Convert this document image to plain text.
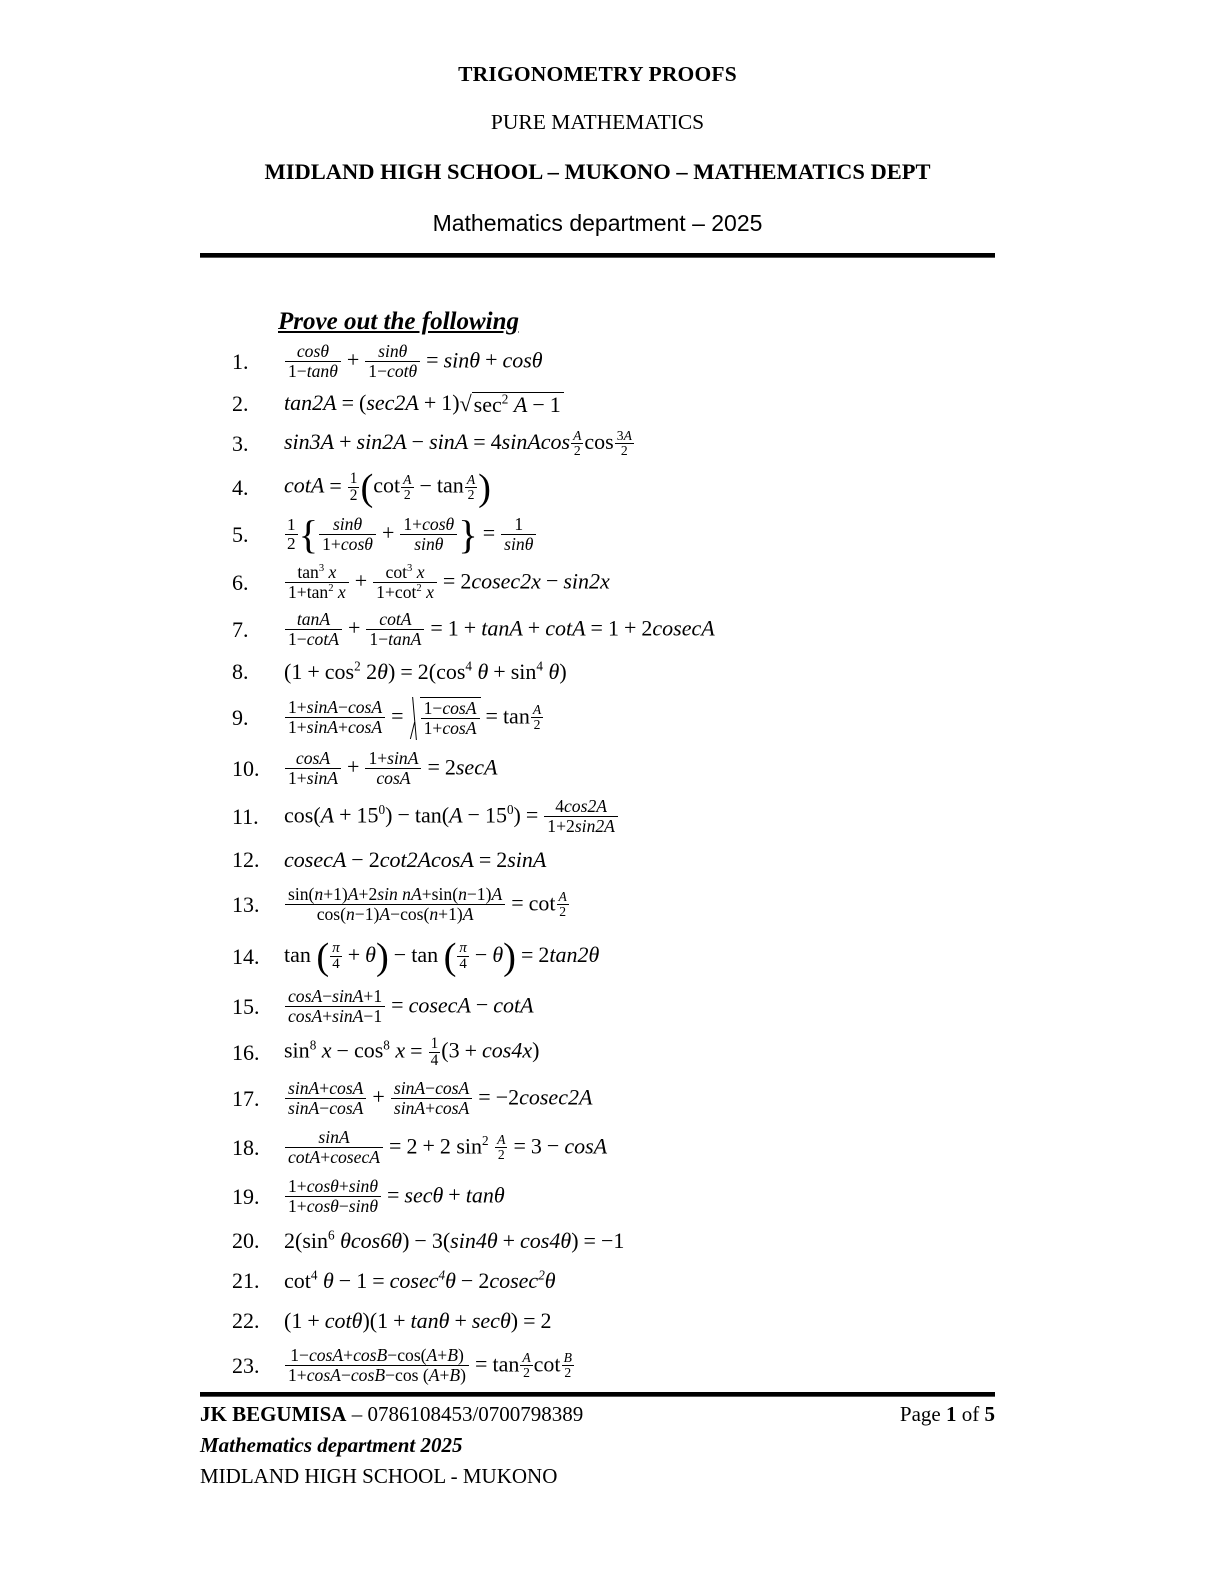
TRIGONOMETRY PROOFS
PURE MATHEMATICS
MIDLAND HIGH SCHOOL – MUKONO – MATHEMATICS DEPT
Mathematics department – 2025
Prove out the following
1.	$\frac{\cos\theta}{1-\tan\theta} + \frac{\sin\theta}{1-\cot\theta} = \sin\theta + \cos\theta$
2.	tan2A = (sec2A + 1) √ $\sec^2 A - 1$
3.	sin3A + sin2A − sinA = 4sinAcos $\frac{A}{2}$ $\cos \frac{3A}{2}$
4.	$\cot A = \frac{1}{2} (\cot \frac{A}{2} - \tan \frac{A}{2}$ )
5.	$\frac{1}{2}$ { $\frac{\sin\theta}{1+\cos\theta} + \frac{1+\cos\theta}{\sin\theta}$ } = $\frac{1}{\sin\theta}$
6.	$\frac{\tan^3 x}{1+\tan^2 x} + \frac{\cot^3 x}{1+\cot^2 x} = 2cosec2x - \sin 2x$
7.	$\frac{\tan A}{1-\cot A} + \frac{\cot A}{1-\tan A} = 1 + \tan A + \cot A = 1 + 2cosecA$
8.	$(1 + \cos^2 2\theta) = 2(\cos^4$ $\theta + \sin^4 \theta$)
9.	$\frac{1+\sin A-\cos A}{1+\sin A+\cos A} = \frac{1-\cos A}{1+\cos A} = \tan \frac{A}{2}$
10.	$\frac{\cos A}{1+\sin A} + \frac{1+\sin A}{\cos A} = 2\sec A$
11.	$\cos(A + 15^0) - \tan(A - 15^0) = \frac{4\cos 2A}{1+2\sin 2A}$
12.	cosecA − 2cot2AcosA = 2sinA
13.	$\frac{\text{sin(n+1)A+2sin nA+sin(n−1)A}}{\cos(n-1)A-\cos(n+1)A} = \cot \frac{A}{2}$
14.	tan ( $\frac{\pi}{4} + \theta) - \tan$ ( $\frac{\pi}{4} - \theta) = 2\tan 2\theta$
15.	$\frac{\cos A-\sin A+1}{\cos A+\sin A-1} = cosecA - \cot A$
16.	$\sin^8 x - \cos^8 x = \frac{1}{4} (3 + \cos 4x)$
17.	$\frac{\sin A+\cos A}{\sin A-\cos A} + \frac{\sin A-\cos A}{\sin A+\cos A} = -2cosec2A$
18.	$\frac{\sin A}{\cot A+cosecA} = 2 + 2$ $\sin^2 \frac{A}{2} = 3 - \cos A$
19.	$\frac{1+\cos\theta+\sin\theta}{1+\cos\theta-\sin\theta} = \sec\theta + \tan\theta$
20.	$2(\sin^6$ θcos6θ) − 3(sin4θ + cos4θ) = −1
21.	$\cot^4 \theta - 1 = cosec^4\theta - 2cosec^2\theta$
22.	(1 + cotθ)(1 + tanθ + secθ) = 2
23.	$\frac{1-\cos A+\cos B-\cos(A+B)}{1+\cos A-\cos B-\cos (A+B)} = \tan \frac{A}{2}$ $\cot \frac{B}{2}$
JK BEGUMISA – 0786108453/0700798389	Page 1 of 5
Mathematics department 2025
MIDLAND HIGH SCHOOL - MUKONO
